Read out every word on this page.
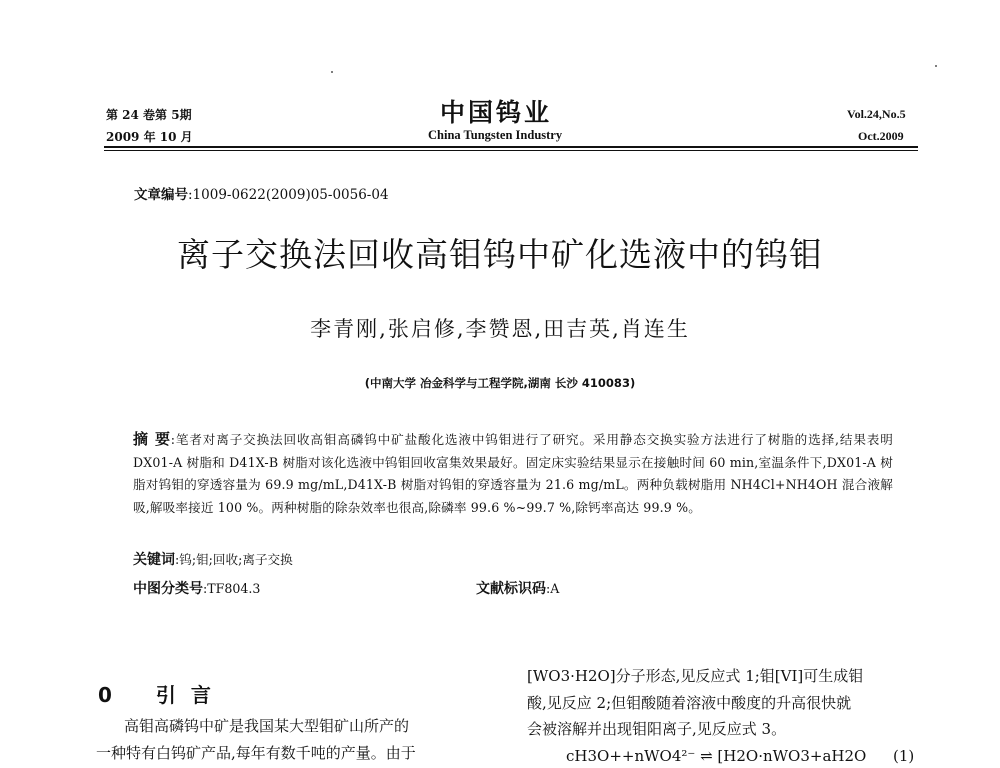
第 24 卷第 5期
2009 年 10 月
中国钨业
China Tungsten Industry
Vol.24,No.5
Oct.2009
文章编号:1009-0622(2009)05-0056-04
离子交换法回收高钼钨中矿化选液中的钨钼
李青刚,张启修,李赞恩,田吉英,肖连生
(中南大学 冶金科学与工程学院,湖南 长沙 410083)
摘 要:笔者对离子交换法回收高钼高磷钨中矿盐酸化选液中钨钼进行了研究。采用静态交换实验方法进行了树脂的选择,结果表明 DX01-A 树脂和 D41X-B 树脂对该化选液中钨钼回收富集效果最好。固定床实验结果显示在接触时间 60 min,室温条件下,DX01-A 树脂对钨钼的穿透容量为 69.9 mg/mL,D41X-B 树脂对钨钼的穿透容量为 21.6 mg/mL。两种负载树脂用 NH4Cl+NH4OH 混合液解吸,解吸率接近 100 %。两种树脂的除杂效率也很高,除磷率 99.6 %~99.7 %,除钙率高达 99.9 %。
关键词:钨;钼;回收;离子交换
中图分类号:TF804.3	文献标识码:A
0 引 言
高钼高磷钨中矿是我国某大型钼矿山所产的
一种特有白钨矿产品,每年有数千吨的产量。由于
[WO3·H2O]分子形态,见反应式 1;钼[VI]可生成钼
酸,见反应 2;但钼酸随着溶液中酸度的升高很快就
会被溶解并出现钼阳离子,见反应式 3。
cH3O++nWO4²⁻ ⇌ [H2O·nWO3+aH2O (1)
